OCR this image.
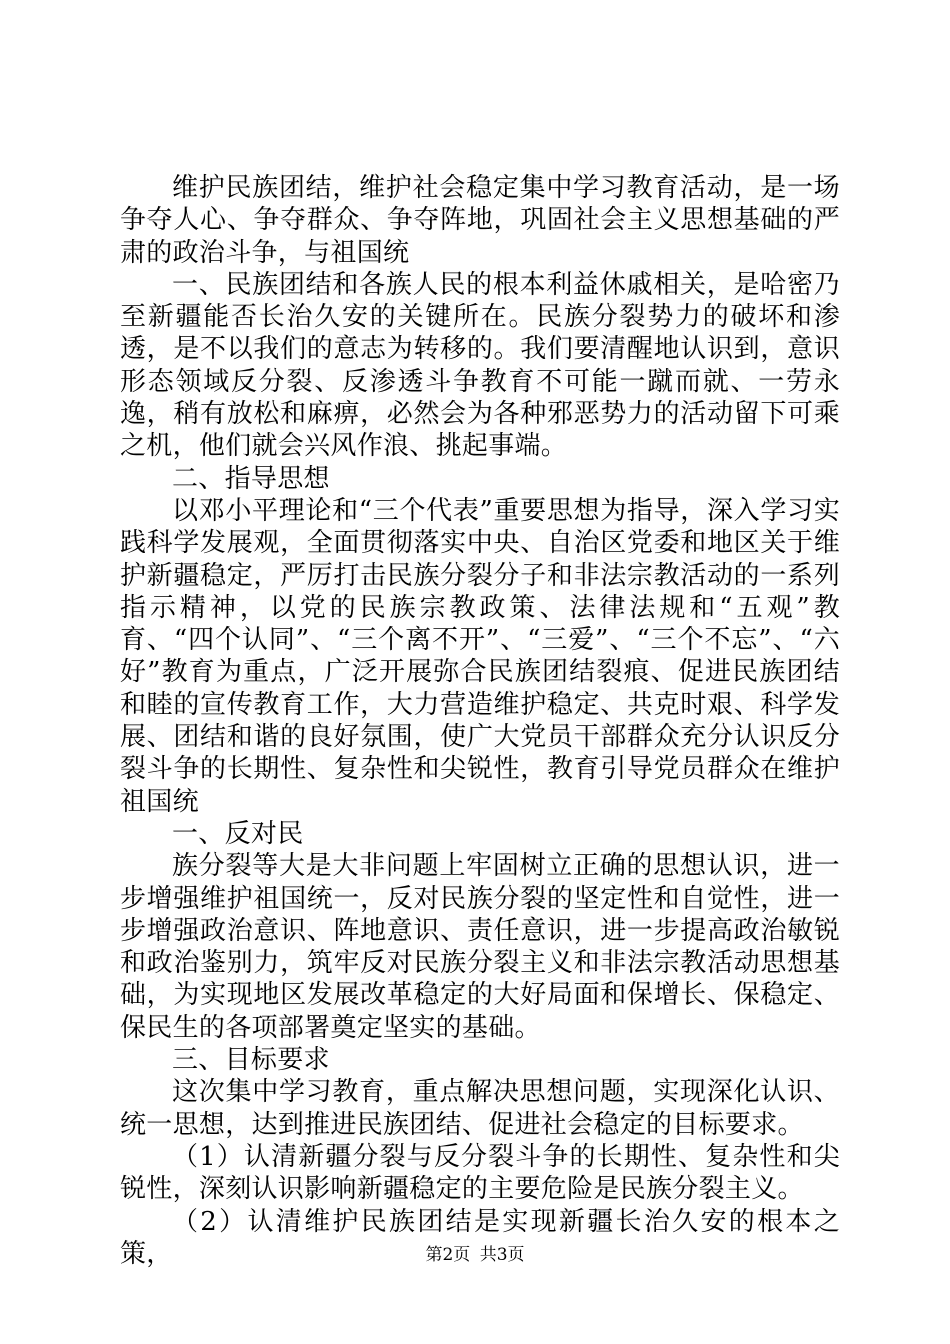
维护民族团结，维护社会稳定集中学习教育活动，是一场争夺人心、争夺群众、争夺阵地，巩固社会主义思想基础的严肃的政治斗争，与祖国统

一、民族团结和各族人民的根本利益休戚相关，是哈密乃至新疆能否长治久安的关键所在。民族分裂势力的破坏和渗透，是不以我们的意志为转移的。我们要清醒地认识到，意识形态领域反分裂、反渗透斗争教育不可能一蹴而就、一劳永逸，稍有放松和麻痹，必然会为各种邪恶势力的活动留下可乘之机，他们就会兴风作浪、挑起事端。

二、指导思想

以邓小平理论和“三个代表”重要思想为指导，深入学习实践科学发展观，全面贯彻落实中央、自治区党委和地区关于维护新疆稳定，严厉打击民族分裂分子和非法宗教活动的一系列指示精神，以党的民族宗教政策、法律法规和“五观”教育、“四个认同”、“三个离不开”、“三爱”、“三个不忘”、“六好”教育为重点，广泛开展弥合民族团结裂痕、促进民族团结和睦的宣传教育工作，大力营造维护稳定、共克时艰、科学发展、团结和谐的良好氛围，使广大党员干部群众充分认识反分裂斗争的长期性、复杂性和尖锐性，教育引导党员群众在维护祖国统

一、反对民

族分裂等大是大非问题上牢固树立正确的思想认识，进一步增强维护祖国统一，反对民族分裂的坚定性和自觉性，进一步增强政治意识、阵地意识、责任意识，进一步提高政治敏锐和政治鉴别力，筑牢反对民族分裂主义和非法宗教活动思想基础，为实现地区发展改革稳定的大好局面和保增长、保稳定、保民生的各项部署奠定坚实的基础。

三、目标要求

这次集中学习教育，重点解决思想问题，实现深化认识、统一思想，达到推进民族团结、促进社会稳定的目标要求。

（1）认清新疆分裂与反分裂斗争的长期性、复杂性和尖锐性，深刻认识影响新疆稳定的主要危险是民族分裂主义。

（2）认清维护民族团结是实现新疆长治久安的根本之策，	第2页 共3页
